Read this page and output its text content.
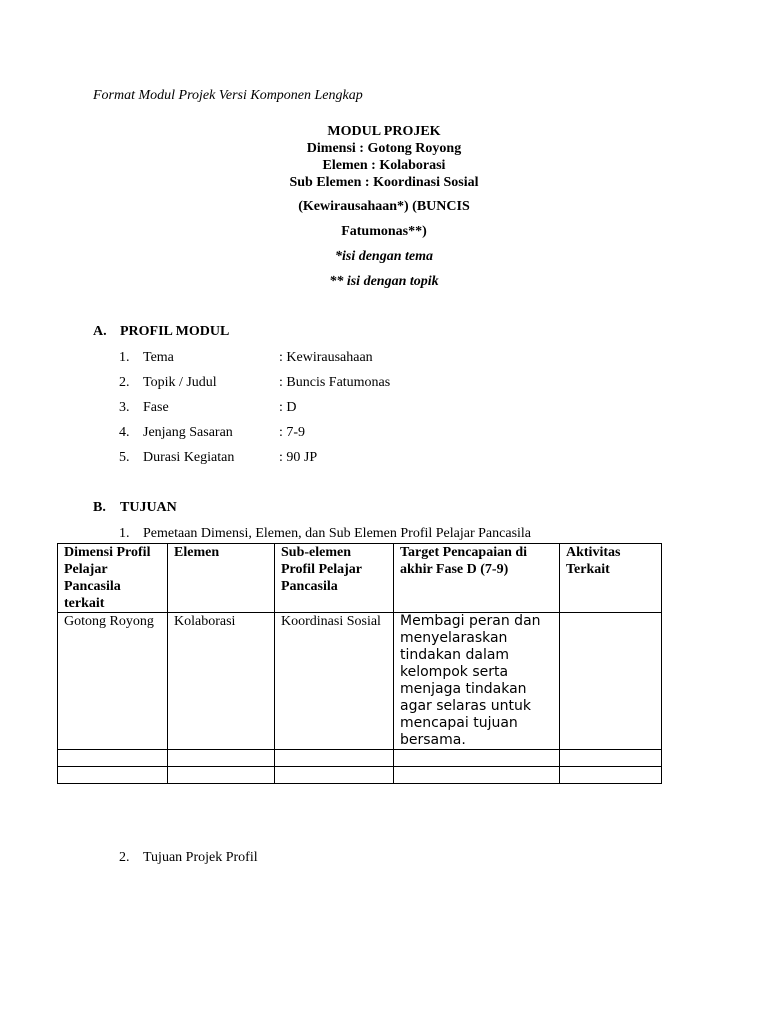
Format Modul Projek Versi Komponen Lengkap
MODUL PROJEK
Dimensi : Gotong Royong
Elemen : Kolaborasi
Sub Elemen : Koordinasi Sosial
(Kewirausahaan*) (BUNCIS
Fatumonas**)
*isi dengan tema
** isi dengan topik
A. PROFIL MODUL
1. Tema	: Kewirausahaan
2. Topik / Judul	: Buncis Fatumonas
3. Fase	: D
4. Jenjang Sasaran	: 7-9
5. Durasi Kegiatan	: 90 JP
B. TUJUAN
1. Pemetaan Dimensi, Elemen, dan Sub Elemen Profil Pelajar Pancasila
Dimensi Profil Pelajar Pancasila terkait	Elemen	Sub-elemen Profil Pelajar Pancasila	Target Pencapaian di akhir Fase D (7-9)	Aktivitas Terkait
Gotong Royong	Kolaborasi	Koordinasi Sosial	Membagi peran dan menyelaraskan tindakan dalam kelompok serta menjaga tindakan agar selaras untuk mencapai tujuan bersama.	

2. Tujuan Projek Profil
